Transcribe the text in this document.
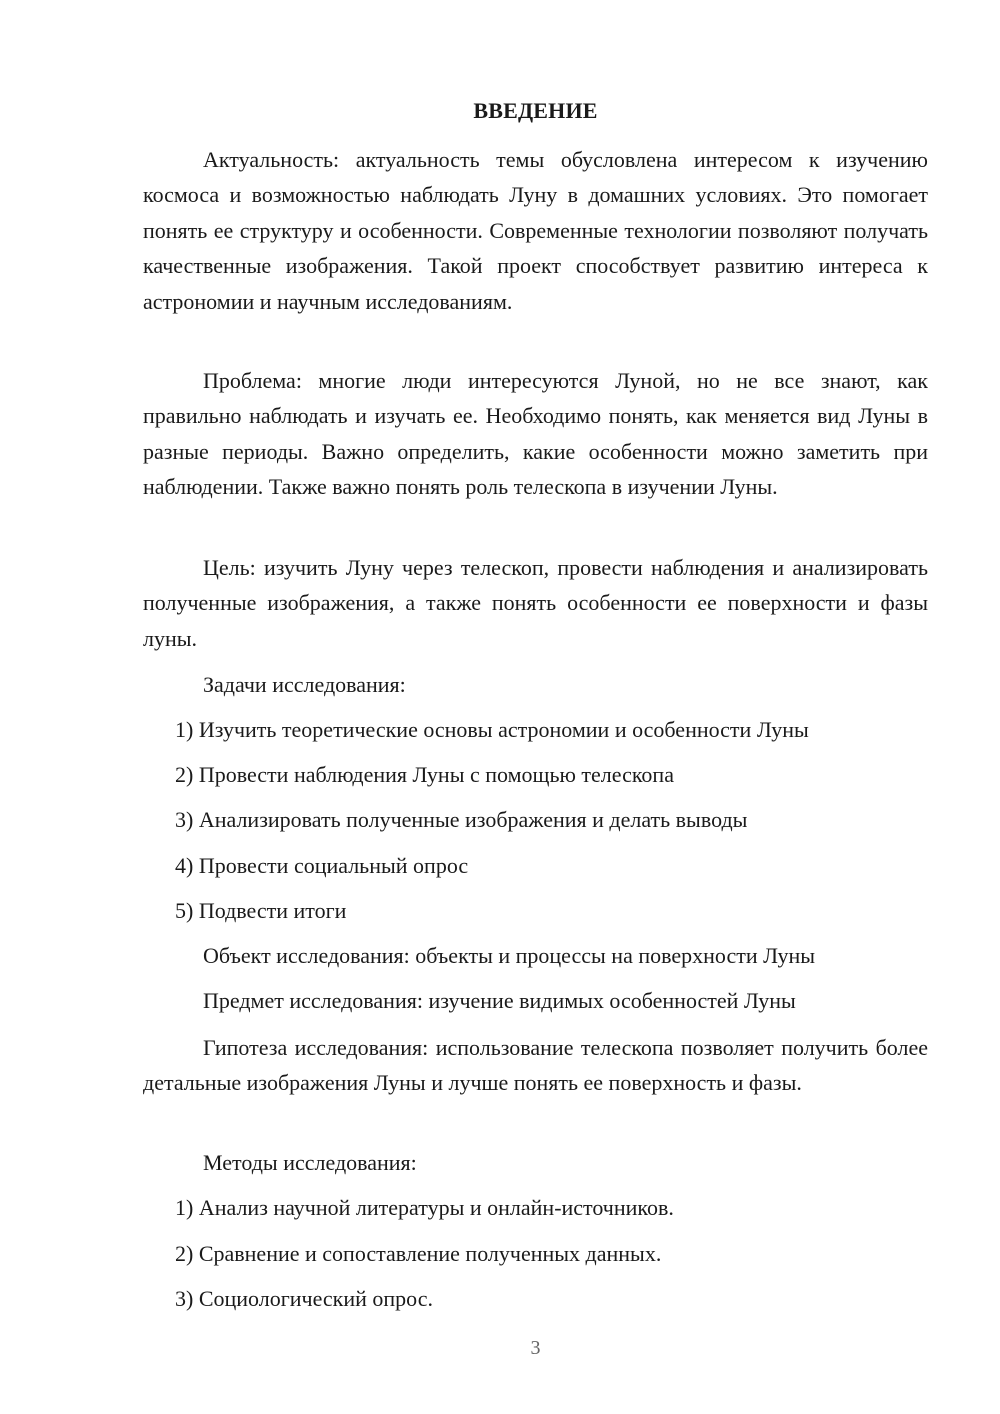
ВВЕДЕНИЕ

Актуальность: актуальность темы обусловлена интересом к изучению космоса и возможностью наблюдать Луну в домашних условиях. Это помогает понять ее структуру и особенности. Современные технологии позволяют получать качественные изображения. Такой проект способствует развитию интереса к астрономии и научным исследованиям.

Проблема: многие люди интересуются Луной, но не все знают, как правильно наблюдать и изучать ее. Необходимо понять, как меняется вид Луны в разные периоды. Важно определить, какие особенности можно заметить при наблюдении. Также важно понять роль телескопа в изучении Луны.

Цель: изучить Луну через телескоп, провести наблюдения и анализировать полученные изображения, а также понять особенности ее поверхности и фазы луны.

Задачи исследования:
1) Изучить теоретические основы астрономии и особенности Луны
2) Провести наблюдения Луны с помощью телескопа
3) Анализировать полученные изображения и делать выводы
4) Провести социальный опрос
5) Подвести итоги
Объект исследования: объекты и процессы на поверхности Луны
Предмет исследования: изучение видимых особенностей Луны

Гипотеза исследования: использование телескопа позволяет получить более детальные изображения Луны и лучше понять ее поверхность и фазы.

Методы исследования:
1) Анализ научной литературы и онлайн-источников.
2) Сравнение и сопоставление полученных данных.
3) Социологический опрос.
3
